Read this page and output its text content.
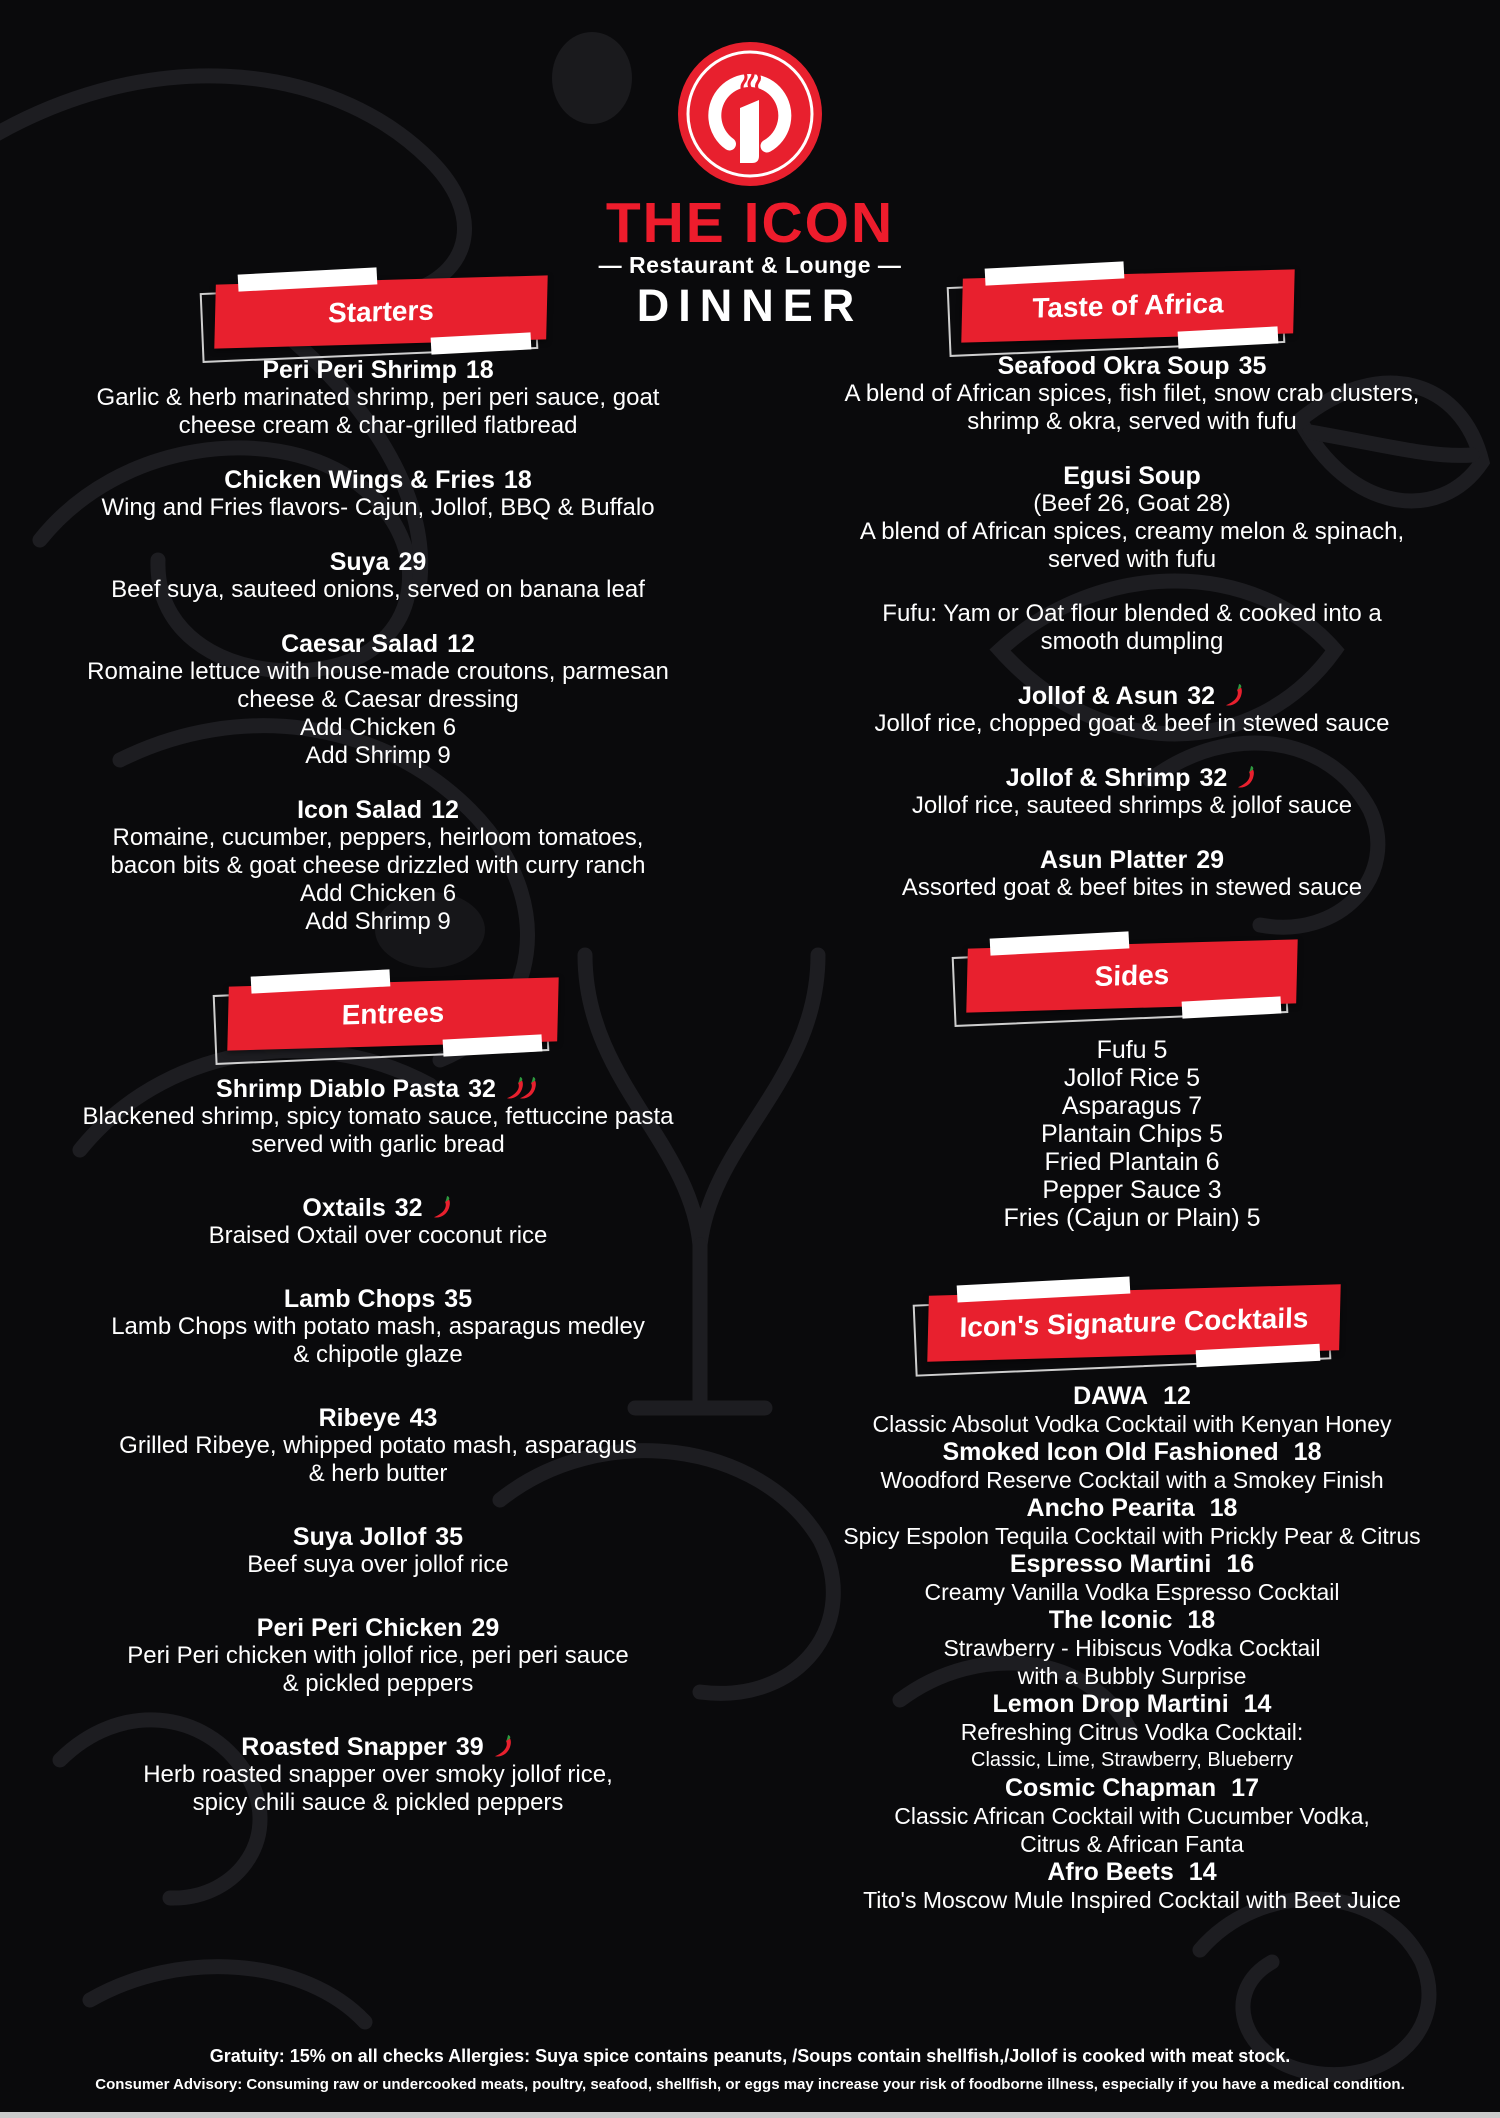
THE ICON
— Restaurant & Lounge —
DINNER
Starters
Entrees
Taste of Africa
Sides
Icon's Signature Cocktails
Peri Peri Shrimp 18
Garlic & herb marinated shrimp, peri peri sauce, goat
cheese cream & char-grilled flatbread
Chicken Wings & Fries 18
Wing and Fries flavors- Cajun, Jollof, BBQ & Buffalo
Suya 29
Beef suya, sauteed onions, served on banana leaf
Caesar Salad 12
Romaine lettuce with house-made croutons, parmesan
cheese & Caesar dressing
Add Chicken 6
Add Shrimp 9
Icon Salad 12
Romaine, cucumber, peppers, heirloom tomatoes,
bacon bits & goat cheese drizzled with curry ranch
Add Chicken 6
Add Shrimp 9
Shrimp Diablo Pasta 32
Blackened shrimp, spicy tomato sauce, fettuccine pasta
served with garlic bread
Oxtails 32
Braised Oxtail over coconut rice
Lamb Chops 35
Lamb Chops with potato mash, asparagus medley
& chipotle glaze
Ribeye 43
Grilled Ribeye, whipped potato mash, asparagus
& herb butter
Suya Jollof 35
Beef suya over jollof rice
Peri Peri Chicken 29
Peri Peri chicken with jollof rice, peri peri sauce
& pickled peppers
Roasted Snapper 39
Herb roasted snapper over smoky jollof rice,
spicy chili sauce & pickled peppers
Seafood Okra Soup 35
A blend of African spices, fish filet, snow crab clusters,
shrimp & okra, served with fufu
Egusi Soup
(Beef 26, Goat 28)
A blend of African spices, creamy melon & spinach,
served with fufu
Fufu: Yam or Oat flour blended & cooked into a
smooth dumpling
Jollof & Asun 32
Jollof rice, chopped goat & beef in stewed sauce
Jollof & Shrimp 32
Jollof rice, sauteed shrimps & jollof sauce
Asun Platter 29
Assorted goat & beef bites in stewed sauce
Fufu 5
Jollof Rice 5
Asparagus 7
Plantain Chips 5
Fried Plantain 6
Pepper Sauce 3
Fries (Cajun or Plain) 5
DAWA 12
Classic Absolut Vodka Cocktail with Kenyan Honey
Smoked Icon Old Fashioned 18
Woodford Reserve Cocktail with a Smokey Finish
Ancho Pearita 18
Spicy Espolon Tequila Cocktail with Prickly Pear & Citrus
Espresso Martini 16
Creamy Vanilla Vodka Espresso Cocktail
The Iconic 18
Strawberry - Hibiscus Vodka Cocktail
with a Bubbly Surprise
Lemon Drop Martini 14
Refreshing Citrus Vodka Cocktail:
Classic, Lime, Strawberry, Blueberry
Cosmic Chapman 17
Classic African Cocktail with Cucumber Vodka,
Citrus & African Fanta
Afro Beets 14
Tito's Moscow Mule Inspired Cocktail with Beet Juice
Gratuity: 15% on all checks Allergies: Suya spice contains peanuts, /Soups contain shellfish,/Jollof is cooked with meat stock.
Consumer Advisory: Consuming raw or undercooked meats, poultry, seafood, shellfish, or eggs may increase your risk of foodborne illness, especially if you have a medical condition.
